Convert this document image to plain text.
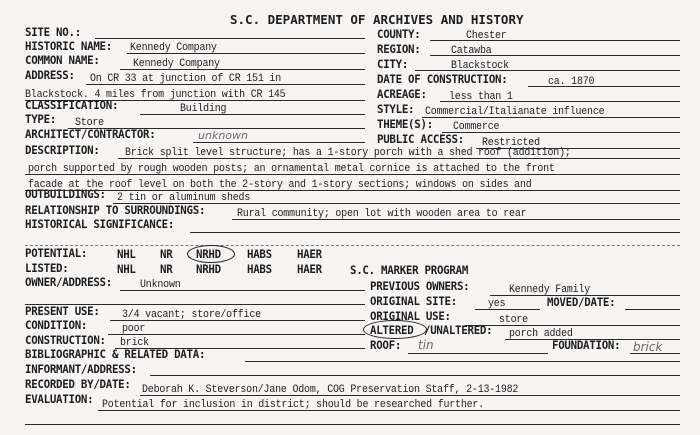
S.C. DEPARTMENT OF ARCHIVES AND HISTORY
SITE NO.:
HISTORIC NAME: Kennedy Company
COMMON NAME:	Kennedy Company
ADDRESS: On CR 33 at junction of CR 151 in
Blackstock. 4 miles from junction with CR 145
CLASSIFICATION:	Building
TYPE: Store
ARCHITECT/CONTRACTOR:	unknown
COUNTY:	Chester
REGION:	Catawba
CITY:	Blackstock
DATE OF CONSTRUCTION:	ca. 1870
ACREAGE: less than 1
STYLE: Commercial/Italianate influence
THEME(S): Commerce
PUBLIC ACCESS: Restricted
DESCRIPTION: Brick split level structure; has a 1-story porch with a shed roof (addition);
porch supported by rough wooden posts; an ornamental metal cornice is attached to the front
facade at the roof level on both the 2-story and 1-story sections; windows on sides and
OUTBUILDINGS: 2 tin or aluminum sheds
RELATIONSHIP TO SURROUNDINGS:	Rural community; open lot with wooden area to rear
HISTORICAL SIGNIFICANCE:
POTENTIAL:	NHL NR NRHD HABS HAER
LISTED:	NHL NR NRHD HABS HAER S.C. MARKER PROGRAM
OWNER/ADDRESS:	Unknown	PREVIOUS OWNERS:	Kennedy Family
ORIGINAL SITE:	yes	MOVED/DATE:
PRESENT USE: 3/4 vacant; store/office	ORIGINAL USE:	store
CONDITION:	poor	ALTERED /UNALTERED: porch added
CONSTRUCTION: brick	ROOF: tin	FOUNDATION: brick
BIBLIOGRAPHIC & RELATED DATA:
INFORMANT/ADDRESS:
RECORDED BY/DATE: Deborah K. Steverson/Jane Odom, COG Preservation Staff, 2-13-1982
EVALUATION: Potential for inclusion in district; should be researched further.
